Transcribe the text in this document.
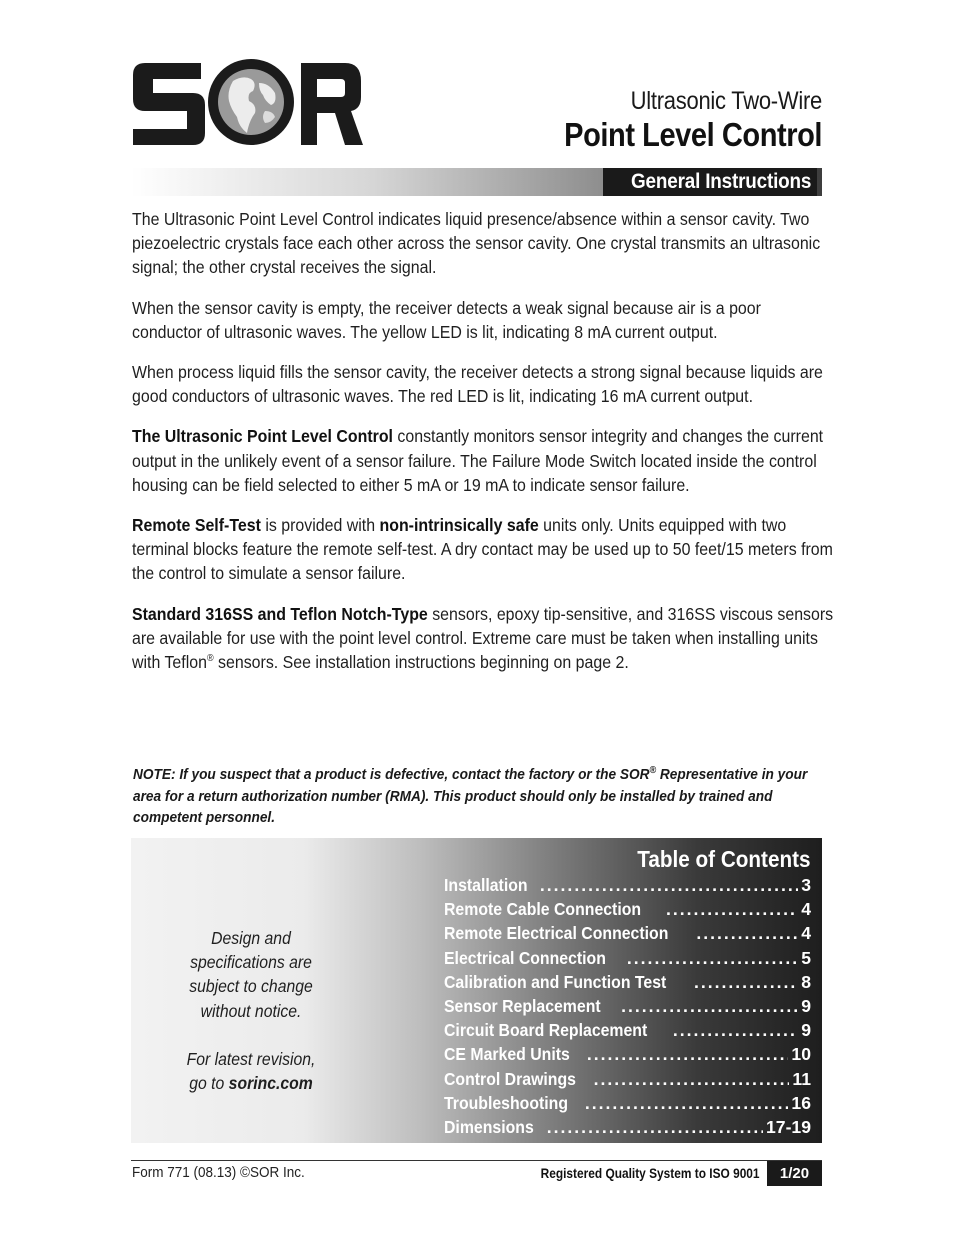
Ultrasonic Two-Wire
Point Level Control
General Instructions

The Ultrasonic Point Level Control indicates liquid presence/absence within a sensor cavity. Two piezoelectric crystals face each other across the sensor cavity. One crystal transmits an ultrasonic signal; the other crystal receives the signal.

When the sensor cavity is empty, the receiver detects a weak signal because air is a poor conductor of ultrasonic waves. The yellow LED is lit, indicating 8 mA current output.

When process liquid fills the sensor cavity, the receiver detects a strong signal because liquids are good conductors of ultrasonic waves. The red LED is lit, indicating 16 mA current output.

The Ultrasonic Point Level Control constantly monitors sensor integrity and changes the current output in the unlikely event of a sensor failure. The Failure Mode Switch located inside the control housing can be field selected to either 5 mA or 19 mA to indicate sensor failure.

Remote Self-Test is provided with non-intrinsically safe units only. Units equipped with two terminal blocks feature the remote self-test. A dry contact may be used up to 50 feet/15 meters from the control to simulate a sensor failure.

Standard 316SS and Teflon Notch-Type sensors, epoxy tip-sensitive, and 316SS viscous sensors are available for use with the point level control. Extreme care must be taken when installing units with Teflon® sensors. See installation instructions beginning on page 2.

NOTE: If you suspect that a product is defective, contact the factory or the SOR® Representative in your area for a return authorization number (RMA). This product should only be installed by trained and competent personnel.
Design and
specifications are
subject to change
without notice.
For latest revision,
go to sorinc.com
Table of Contents
Installation .....	3
Remote Cable Connection .....	4
Remote Electrical Connection .....	4
Electrical Connection .....	5
Calibration and Function Test .....	8
Sensor Replacement .....	9
Circuit Board Replacement .....	9
CE Marked Units .....	10
Control Drawings .....	11
Troubleshooting .....	16
Dimensions .....	17-19
Form 771 (08.13) ©SOR Inc.	Registered Quality System to ISO 9001	1/20
